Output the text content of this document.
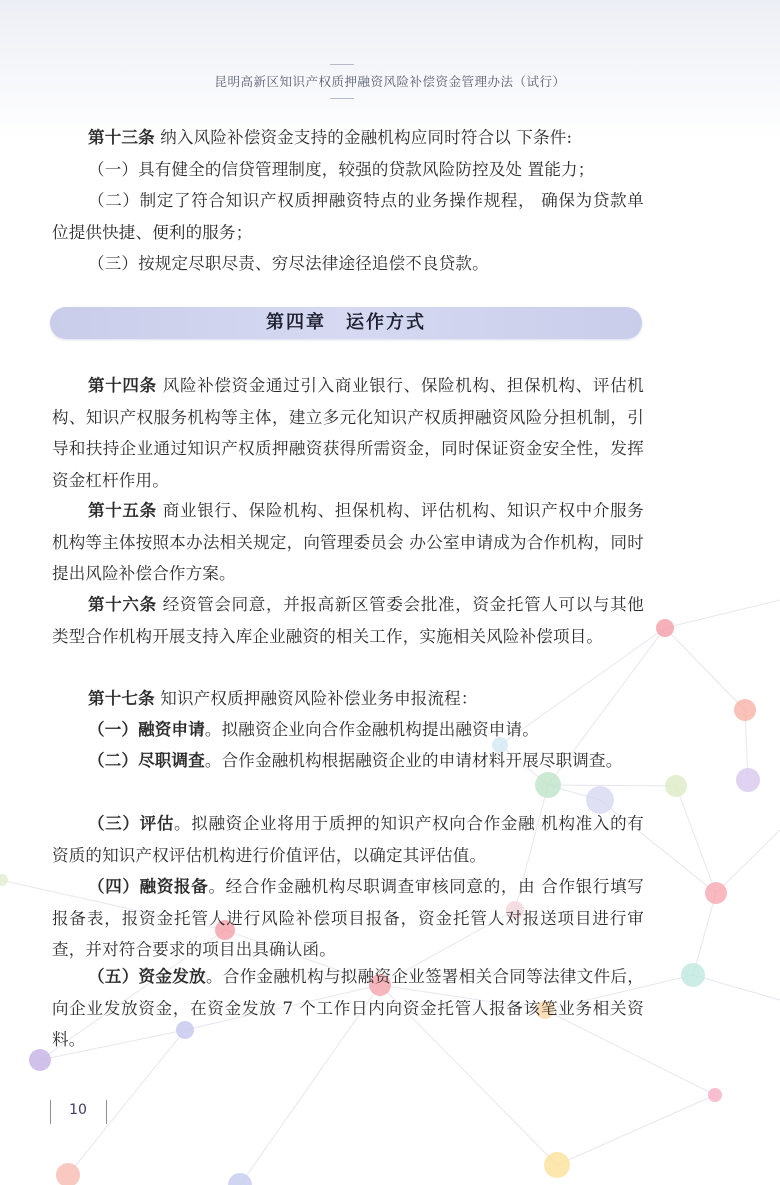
昆明高新区知识产权质押融资风险补偿资金管理办法（试行）

第十三条 纳入风险补偿资金支持的金融机构应同时符合以 下条件:

（一）具有健全的信贷管理制度，较强的贷款风险防控及处 置能力；

（二）制定了符合知识产权质押融资特点的业务操作规程， 确保为贷款单位提供快捷、便利的服务；

（三）按规定尽职尽责、穷尽法律途径追偿不良贷款。

第四章　运作方式

第十四条 风险补偿资金通过引入商业银行、保险机构、担保机构、评估机构、知识产权服务机构等主体，建立多元化知识产权质押融资风险分担机制，引导和扶持企业通过知识产权质押融资获得所需资金，同时保证资金安全性，发挥资金杠杆作用。

第十五条 商业银行、保险机构、担保机构、评估机构、知识产权中介服务机构等主体按照本办法相关规定，向管理委员会 办公室申请成为合作机构，同时提出风险补偿合作方案。

第十六条 经资管会同意，并报高新区管委会批准，资金托管人可以与其他类型合作机构开展支持入库企业融资的相关工作，实施相关风险补偿项目。

第十七条 知识产权质押融资风险补偿业务申报流程：

（一）融资申请。拟融资企业向合作金融机构提出融资申请。

（二）尽职调查。合作金融机构根据融资企业的申请材料开展尽职调查。

（三）评估。拟融资企业将用于质押的知识产权向合作金融 机构准入的有资质的知识产权评估机构进行价值评估，以确定其评估值。

（四）融资报备。经合作金融机构尽职调查审核同意的，由 合作银行填写报备表，报资金托管人进行风险补偿项目报备，资金托管人对报送项目进行审查，并对符合要求的项目出具确认函。

（五）资金发放。合作金融机构与拟融资企业签署相关合同等法律文件后，向企业发放资金，在资金发放 7 个工作日内向资金托管人报备该笔业务相关资料。

10
